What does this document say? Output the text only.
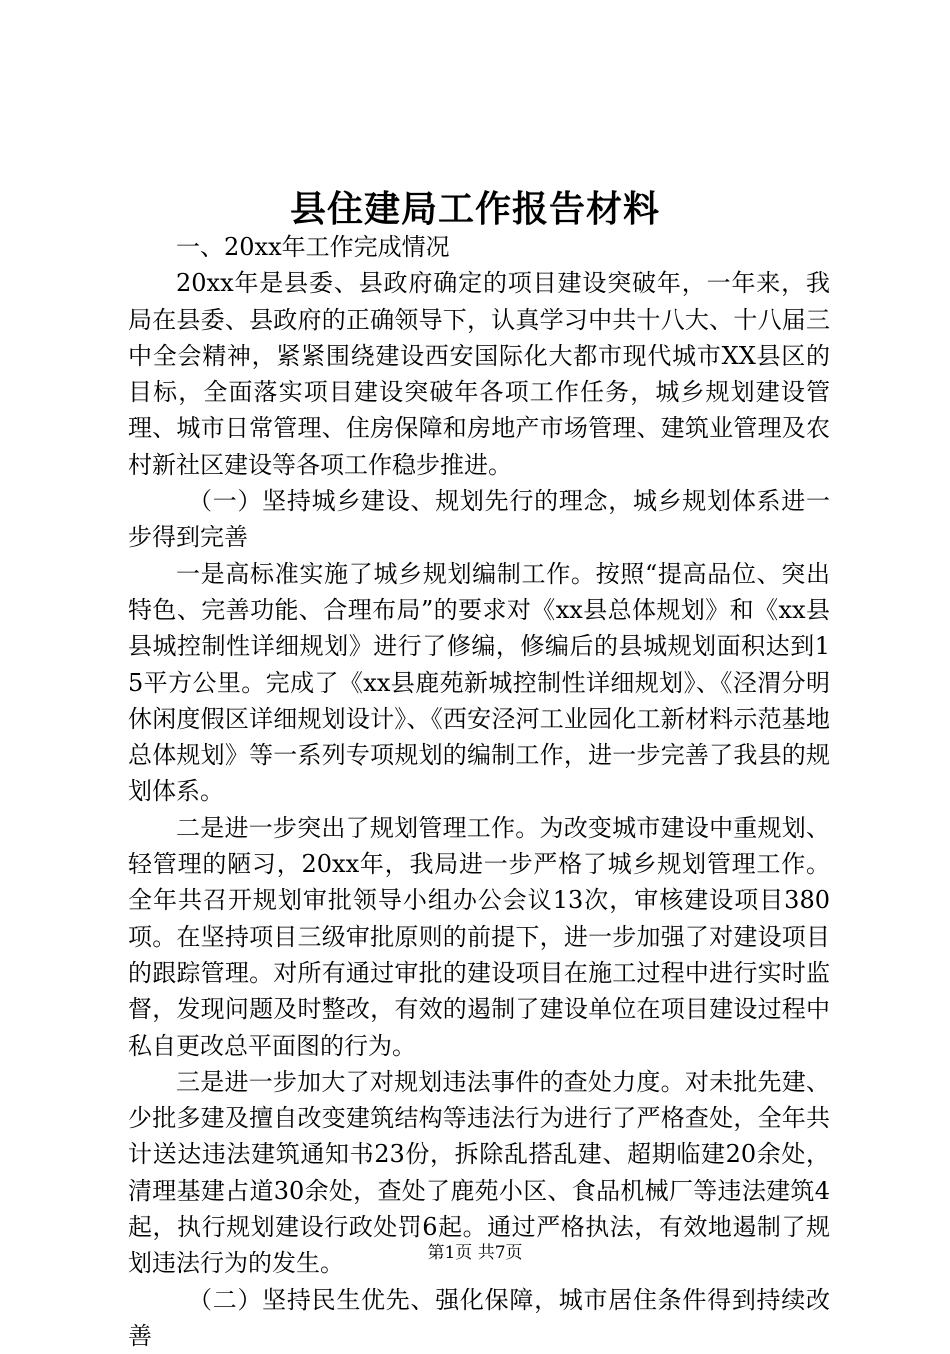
县住建局工作报告材料

一、20xx年工作完成情况

20xx年是县委、县政府确定的项目建设突破年，一年来，我局在县委、县政府的正确领导下，认真学习中共十八大、十八届三中全会精神，紧紧围绕建设西安国际化大都市现代城市XX县区的目标，全面落实项目建设突破年各项工作任务，城乡规划建设管理、城市日常管理、住房保障和房地产市场管理、建筑业管理及农村新社区建设等各项工作稳步推进。

（一）坚持城乡建设、规划先行的理念，城乡规划体系进一步得到完善

一是高标准实施了城乡规划编制工作。按照“提高品位、突出特色、完善功能、合理布局”的要求对《xx县总体规划》和《xx县县城控制性详细规划》进行了修编，修编后的县城规划面积达到15平方公里。完成了《xx县鹿苑新城控制性详细规划》、《泾渭分明休闲度假区详细规划设计》、《西安泾河工业园化工新材料示范基地总体规划》等一系列专项规划的编制工作，进一步完善了我县的规划体系。

二是进一步突出了规划管理工作。为改变城市建设中重规划、轻管理的陋习，20xx年，我局进一步严格了城乡规划管理工作。全年共召开规划审批领导小组办公会议13次，审核建设项目380项。在坚持项目三级审批原则的前提下，进一步加强了对建设项目的跟踪管理。对所有通过审批的建设项目在施工过程中进行实时监督，发现问题及时整改，有效的遏制了建设单位在项目建设过程中私自更改总平面图的行为。

三是进一步加大了对规划违法事件的查处力度。对未批先建、少批多建及擅自改变建筑结构等违法行为进行了严格查处，全年共计送达违法建筑通知书23份，拆除乱搭乱建、超期临建20余处，清理基建占道30余处，查处了鹿苑小区、食品机械厂等违法建筑4起，执行规划建设行政处罚6起。通过严格执法，有效地遏制了规划违法行为的发生。

（二）坚持民生优先、强化保障，城市居住条件得到持续改善

第1页 共7页
